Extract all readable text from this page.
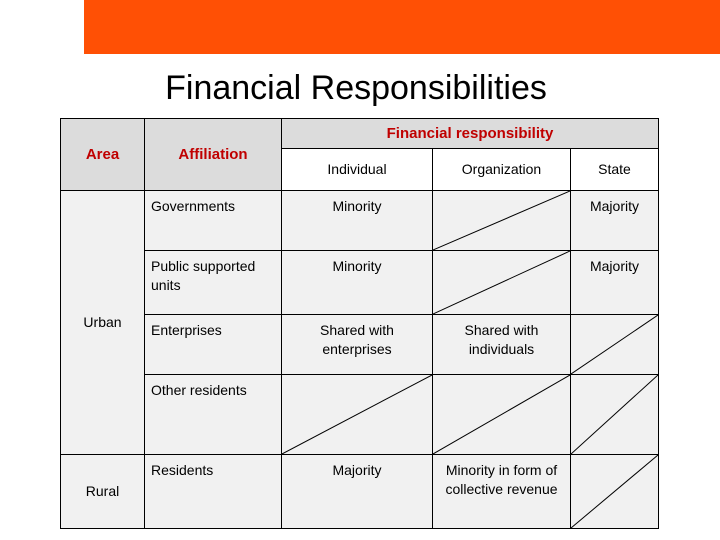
Financial Responsibilities
Area	Affiliation	Financial responsibility		
		Individual	Organization	State
Urban	Governments	Minority		Majority
	Public supported units	Minority		Majority
	Enterprises	Shared with enterprises	Shared with individuals	

	Other residents	

Rural	Residents	Majority	Minority in form of collective revenue	
